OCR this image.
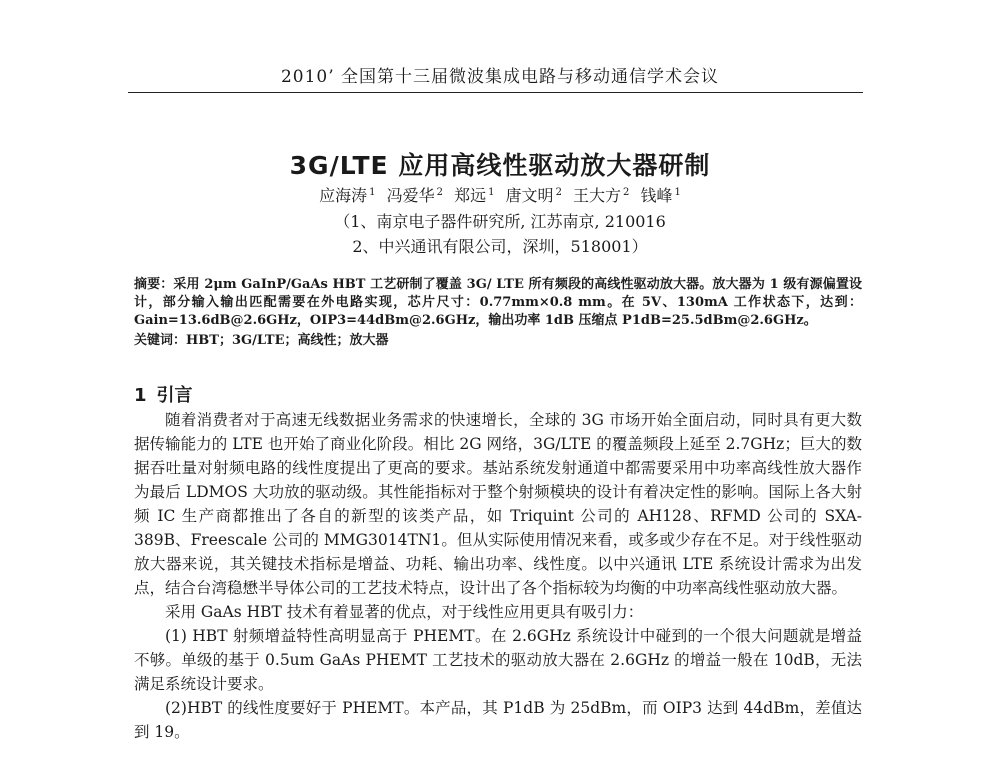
2010’ 全国第十三届微波集成电路与移动通信学术会议
3G/LTE 应用高线性驱动放大器研制
应海涛 $^1$ 冯爱华 $^2$ 郑远 $^1$ 唐文明 $^2$ 王大方 $^2$ 钱峰 $^1$
（1、南京电子器件研究所, 江苏南京, 210016
2、中兴通讯有限公司，深圳，518001）
摘要：采用 2μm GaInP/GaAs HBT 工艺研制了覆盖 3G/ LTE 所有频段的高线性驱动放大器。放大器为 1 级有源偏置设计，部分输入输出匹配需要在外电路实现，芯片尺寸：0.77mm×0.8 mm。在 5V、130mA 工作状态下，达到：Gain=13.6dB@2.6GHz，OIP3=44dBm@2.6GHz，输出功率 1dB 压缩点 P1dB=25.5dBm@2.6GHz。
关键词：HBT；3G/LTE；高线性；放大器
1 引言

随着消费者对于高速无线数据业务需求的快速增长，全球的 3G 市场开始全面启动，同时具有更大数据传输能力的 LTE 也开始了商业化阶段。相比 2G 网络，3G/LTE 的覆盖频段上延至 2.7GHz；巨大的数据吞吐量对射频电路的线性度提出了更高的要求。基站系统发射通道中都需要采用中功率高线性放大器作为最后 LDMOS 大功放的驱动级。其性能指标对于整个射频模块的设计有着决定性的影响。国际上各大射频 IC 生产商都推出了各自的新型的该类产品，如 Triquint 公司的 AH128、RFMD 公司的 SXA-389B、Freescale 公司的 MMG3014TN1。但从实际使用情况来看，或多或少存在不足。对于线性驱动放大器来说，其关键技术指标是增益、功耗、输出功率、线性度。以中兴通讯 LTE 系统设计需求为出发点，结合台湾稳懋半导体公司的工艺技术特点，设计出了各个指标较为均衡的中功率高线性驱动放大器。

采用 GaAs HBT 技术有着显著的优点，对于线性应用更具有吸引力：

(1) HBT 射频增益特性高明显高于 PHEMT。在 2.6GHz 系统设计中碰到的一个很大问题就是增益不够。单级的基于 0.5um GaAs PHEMT 工艺技术的驱动放大器在 2.6GHz 的增益一般在 10dB，无法满足系统设计要求。

(2)HBT 的线性度要好于 PHEMT。本产品，其 P1dB 为 25dBm，而 OIP3 达到 44dBm，差值达到 19。
